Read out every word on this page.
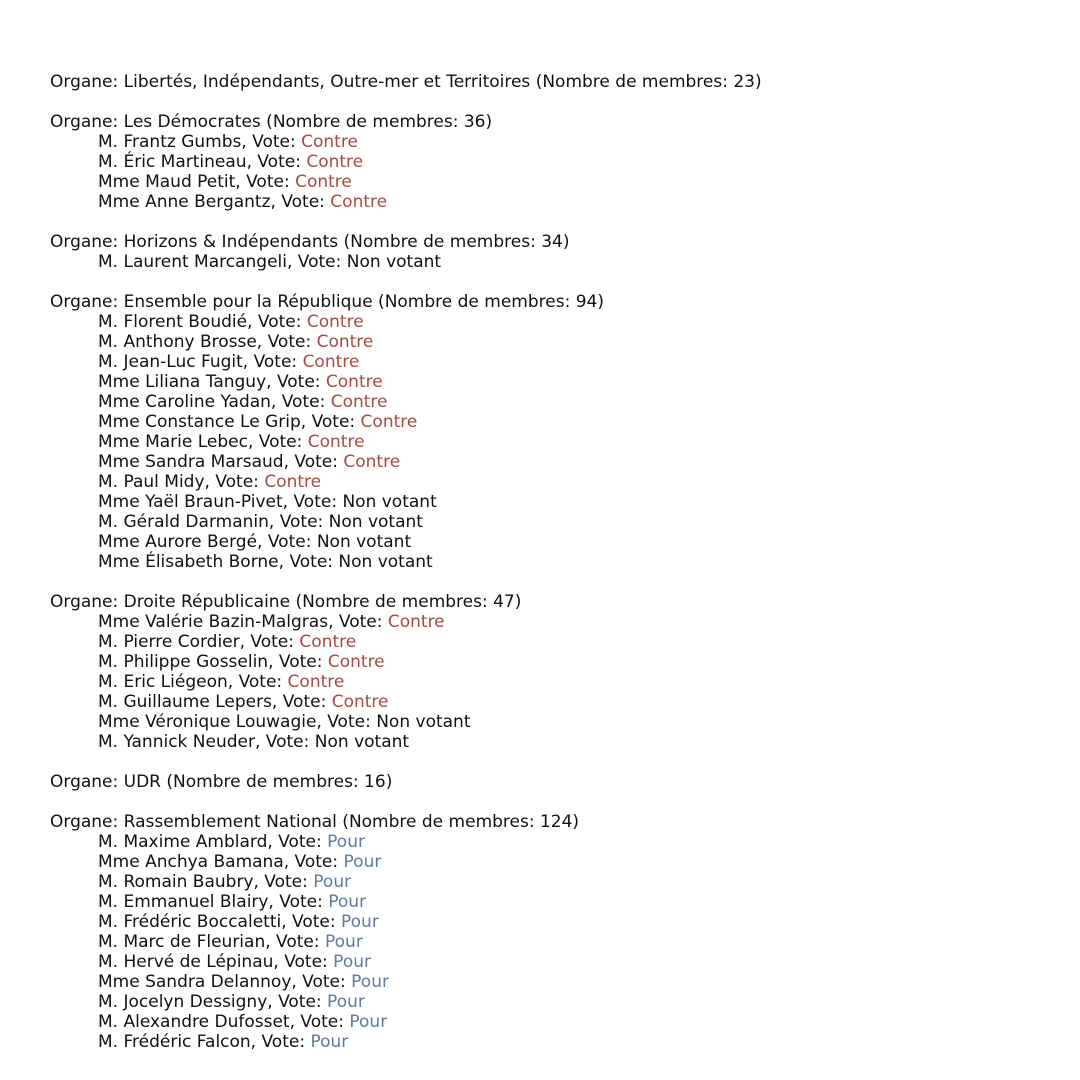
Organe: Libertés, Indépendants, Outre-mer et Territoires (Nombre de membres: 23)
Organe: Les Démocrates (Nombre de membres: 36)
M. Frantz Gumbs, Vote: Contre
M. Éric Martineau, Vote: Contre
Mme Maud Petit, Vote: Contre
Mme Anne Bergantz, Vote: Contre
Organe: Horizons & Indépendants (Nombre de membres: 34)
M. Laurent Marcangeli, Vote: Non votant
Organe: Ensemble pour la République (Nombre de membres: 94)
M. Florent Boudié, Vote: Contre
M. Anthony Brosse, Vote: Contre
M. Jean-Luc Fugit, Vote: Contre
Mme Liliana Tanguy, Vote: Contre
Mme Caroline Yadan, Vote: Contre
Mme Constance Le Grip, Vote: Contre
Mme Marie Lebec, Vote: Contre
Mme Sandra Marsaud, Vote: Contre
M. Paul Midy, Vote: Contre
Mme Yaël Braun-Pivet, Vote: Non votant
M. Gérald Darmanin, Vote: Non votant
Mme Aurore Bergé, Vote: Non votant
Mme Élisabeth Borne, Vote: Non votant
Organe: Droite Républicaine (Nombre de membres: 47)
Mme Valérie Bazin-Malgras, Vote: Contre
M. Pierre Cordier, Vote: Contre
M. Philippe Gosselin, Vote: Contre
M. Eric Liégeon, Vote: Contre
M. Guillaume Lepers, Vote: Contre
Mme Véronique Louwagie, Vote: Non votant
M. Yannick Neuder, Vote: Non votant
Organe: UDR (Nombre de membres: 16)
Organe: Rassemblement National (Nombre de membres: 124)
M. Maxime Amblard, Vote: Pour
Mme Anchya Bamana, Vote: Pour
M. Romain Baubry, Vote: Pour
M. Emmanuel Blairy, Vote: Pour
M. Frédéric Boccaletti, Vote: Pour
M. Marc de Fleurian, Vote: Pour
M. Hervé de Lépinau, Vote: Pour
Mme Sandra Delannoy, Vote: Pour
M. Jocelyn Dessigny, Vote: Pour
M. Alexandre Dufosset, Vote: Pour
M. Frédéric Falcon, Vote: Pour
